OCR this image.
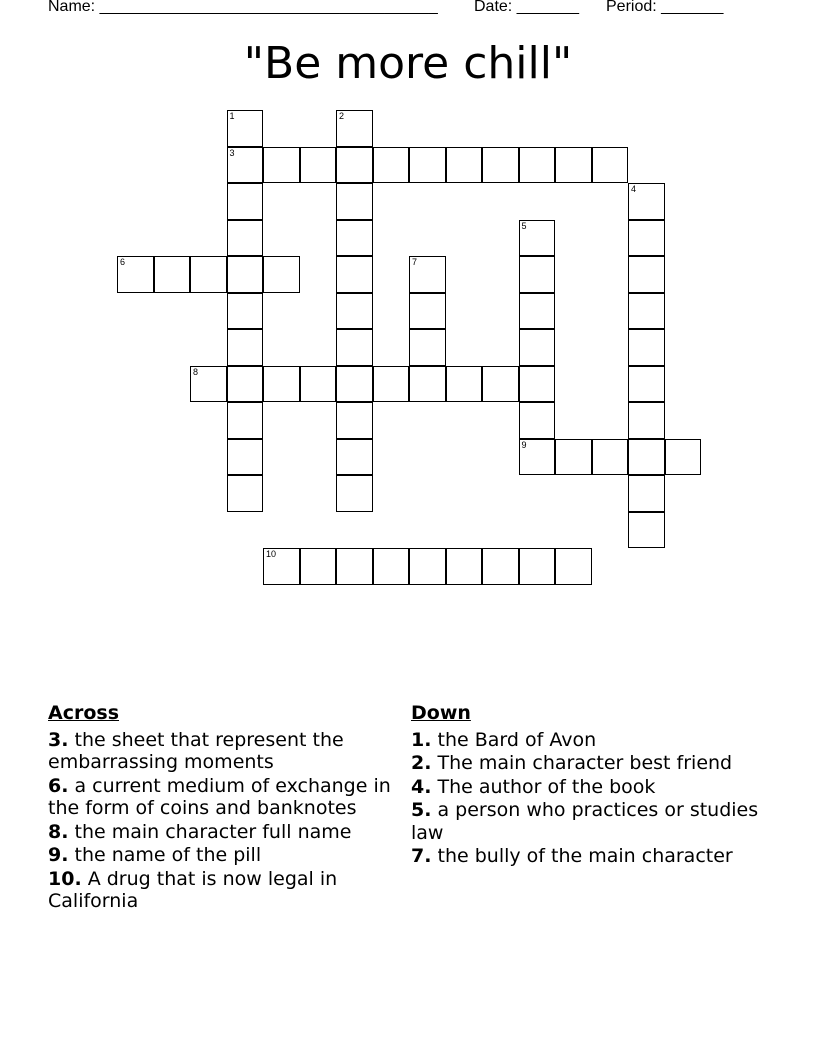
Name: ______________________________________ Date: _______ Period: _______
"Be more chill"
1
3
2
4
5
9
6	7
8
10
Across
3. the sheet that represent the embarrassing moments
6. a current medium of exchange in the form of coins and banknotes
8. the main character full name
9. the name of the pill
10. A drug that is now legal in California
Down
1. the Bard of Avon
2. The main character best friend
4. The author of the book
5. a person who practices or studies law
7. the bully of the main character
